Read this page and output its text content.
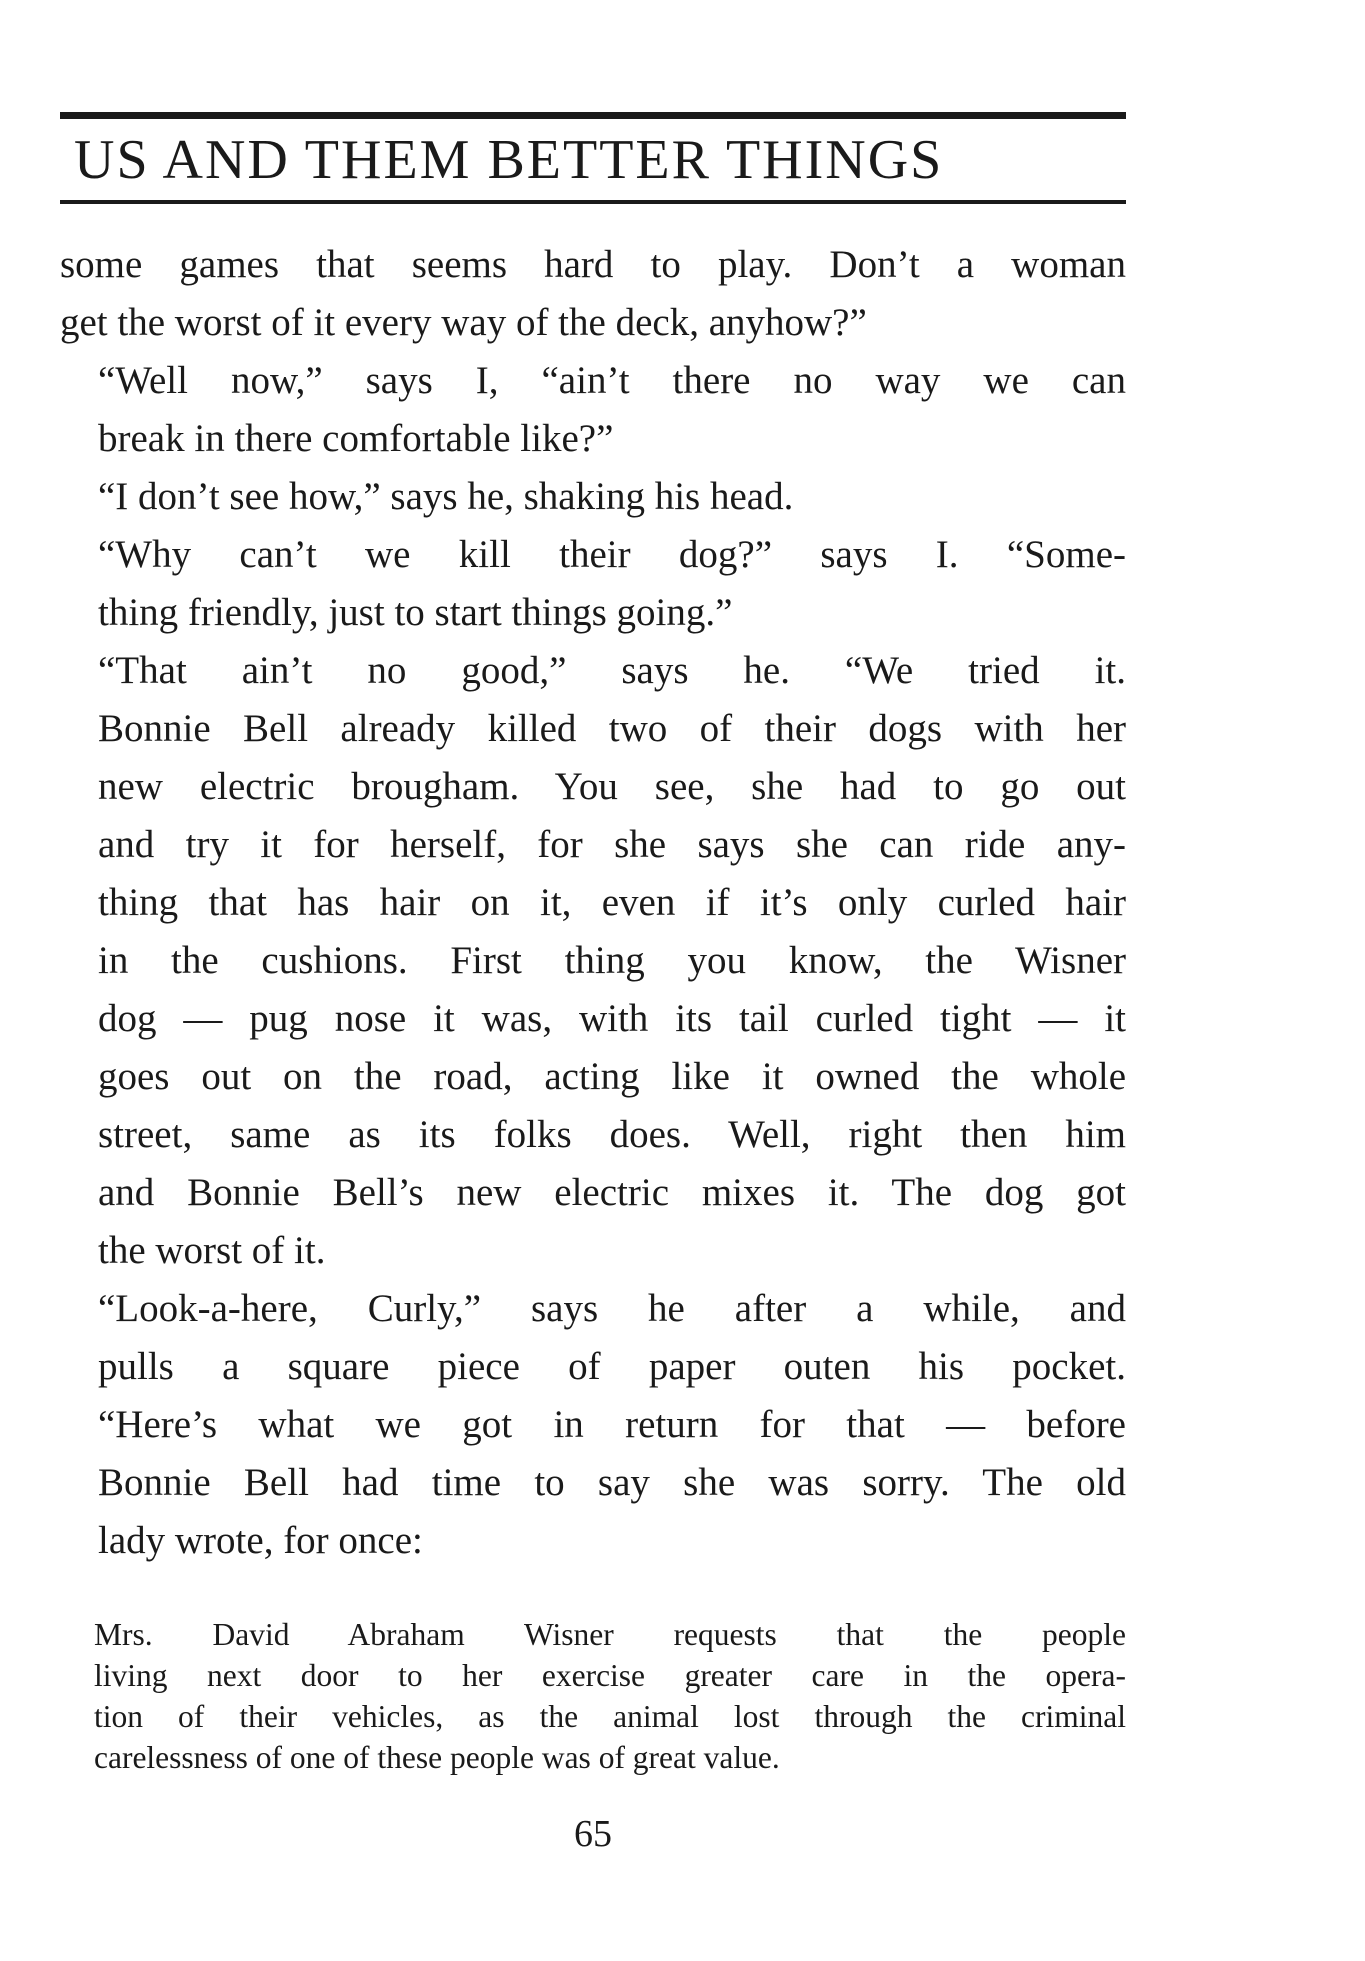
US AND THEM BETTER THINGS

some games that seems hard to play. Don’t a woman
get the worst of it every way of the deck, anyhow?”

“Well now,” says I, “ain’t there no way we can
break in there comfortable like?”

“I don’t see how,” says he, shaking his head.

“Why can’t we kill their dog?” says I. “Some-
thing friendly, just to start things going.”

“That ain’t no good,” says he. “We tried it.
Bonnie Bell already killed two of their dogs with her
new electric brougham. You see, she had to go out
and try it for herself, for she says she can ride any-
thing that has hair on it, even if it’s only curled hair
in the cushions. First thing you know, the Wisner
dog — pug nose it was, with its tail curled tight — it
goes out on the road, acting like it owned the whole
street, same as its folks does. Well, right then him
and Bonnie Bell’s new electric mixes it. The dog got
the worst of it.

“Look-a-here, Curly,” says he after a while, and
pulls a square piece of paper outen his pocket.
“Here’s what we got in return for that — before
Bonnie Bell had time to say she was sorry. The old
lady wrote, for once:

Mrs. David Abraham Wisner requests that the people
living next door to her exercise greater care in the opera-
tion of their vehicles, as the animal lost through the criminal
carelessness of one of these people was of great value.
65
